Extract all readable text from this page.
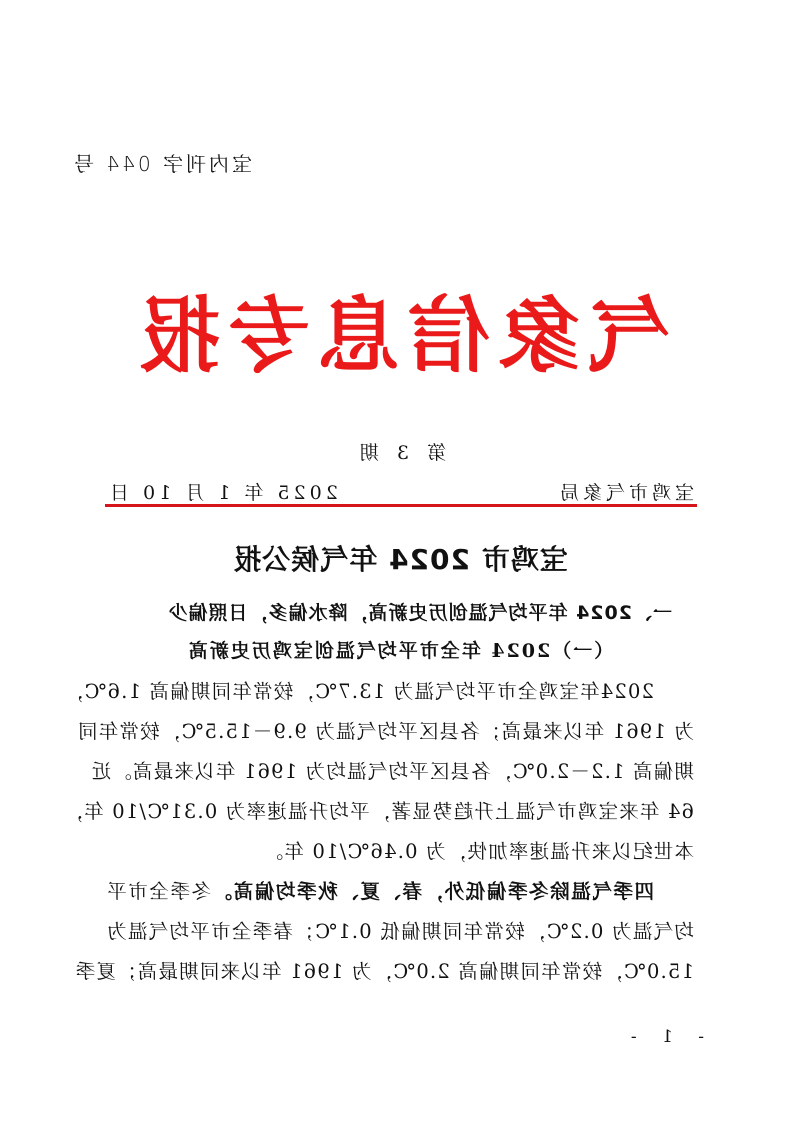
宝内刊字 044 号
气象信息专报
第 3 期
宝鸡市气象局
2025 年 1 月 10 日
宝鸡市 2024 年气候公报
一、2024 年平均气温创历史新高，降水偏多，日照偏少
（一）2024 年全市平均气温创宝鸡历史新高
2024年宝鸡全市平均气温为 13.7℃，较常年同期偏高 1.6℃，
为 1961 年以来最高；各县区平均气温为 9.9－15.5℃，较常年同
期偏高 1.2－2.0℃，各县区平均气温均为 1961 年以来最高。近
64 年来宝鸡市气温上升趋势显著，平均升温速率为 0.31℃/10 年，
本世纪以来升温速率加快，为 0.46℃/10 年。
四季气温除冬季偏低外，春、夏、秋季均偏高。冬季全市平
均气温为 0.2℃，较常年同期偏低 0.1℃；春季全市平均气温为
15.0℃，较常年同期偏高 2.0℃，为 1961 年以来同期最高；夏季
- 1 -
